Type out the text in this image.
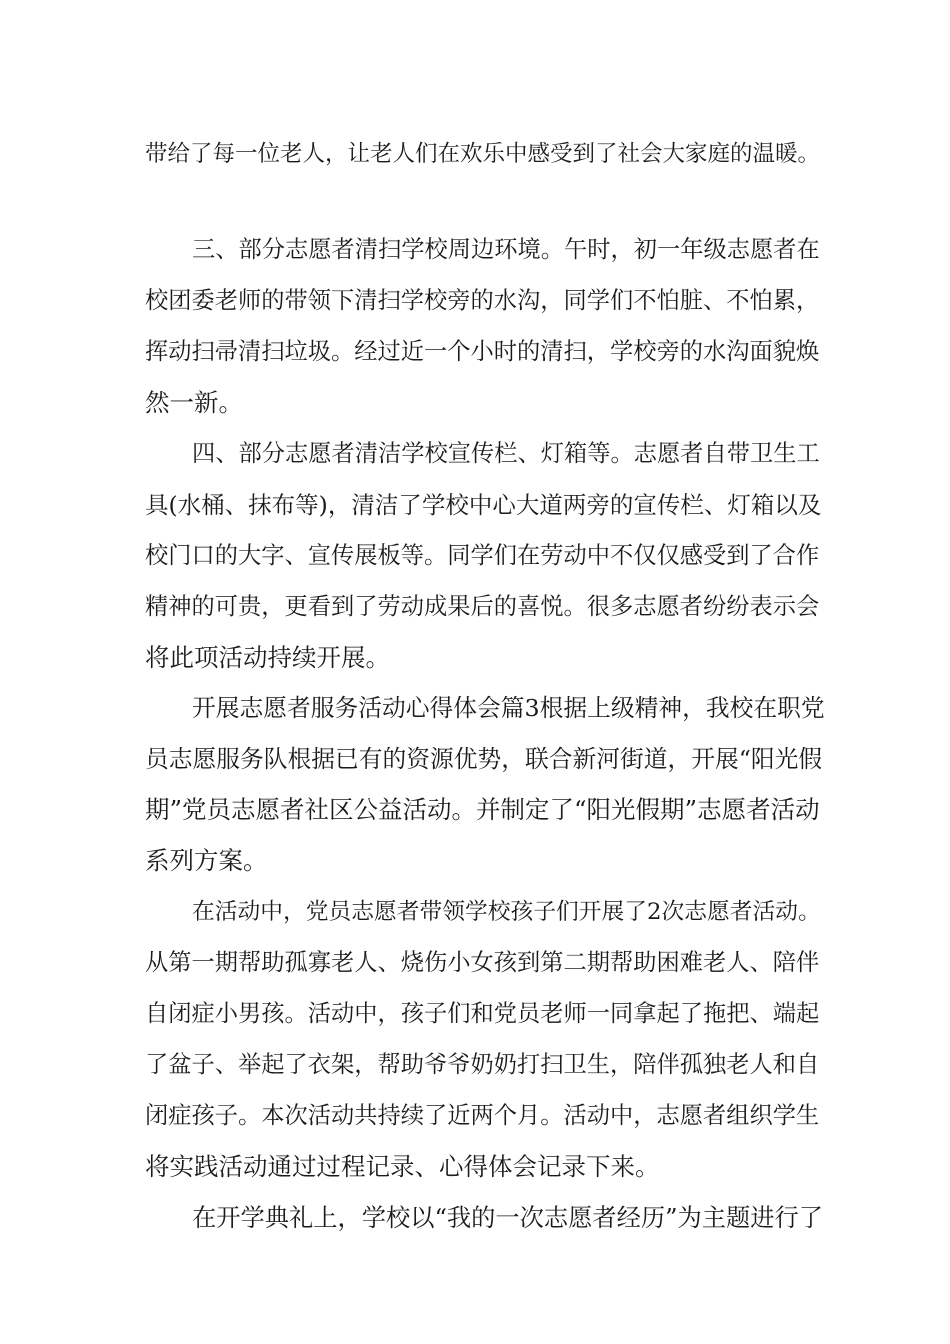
带给了每一位老人，让老人们在欢乐中感受到了社会大家庭的温暖。

三、部分志愿者清扫学校周边环境。午时，初一年级志愿者在

校团委老师的带领下清扫学校旁的水沟，同学们不怕脏、不怕累，

挥动扫帚清扫垃圾。经过近一个小时的清扫，学校旁的水沟面貌焕

然一新。

四、部分志愿者清洁学校宣传栏、灯箱等。志愿者自带卫生工

具(水桶、抹布等)，清洁了学校中心大道两旁的宣传栏、灯箱以及

校门口的大字、宣传展板等。同学们在劳动中不仅仅感受到了合作

精神的可贵，更看到了劳动成果后的喜悦。很多志愿者纷纷表示会

将此项活动持续开展。

开展志愿者服务活动心得体会篇3根据上级精神，我校在职党

员志愿服务队根据已有的资源优势，联合新河街道，开展“阳光假

期”党员志愿者社区公益活动。并制定了“阳光假期”志愿者活动

系列方案。

在活动中，党员志愿者带领学校孩子们开展了2次志愿者活动。

从第一期帮助孤寡老人、烧伤小女孩到第二期帮助困难老人、陪伴

自闭症小男孩。活动中，孩子们和党员老师一同拿起了拖把、端起

了盆子、举起了衣架，帮助爷爷奶奶打扫卫生，陪伴孤独老人和自

闭症孩子。本次活动共持续了近两个月。活动中，志愿者组织学生

将实践活动通过过程记录、心得体会记录下来。

在开学典礼上，学校以“我的一次志愿者经历”为主题进行了
